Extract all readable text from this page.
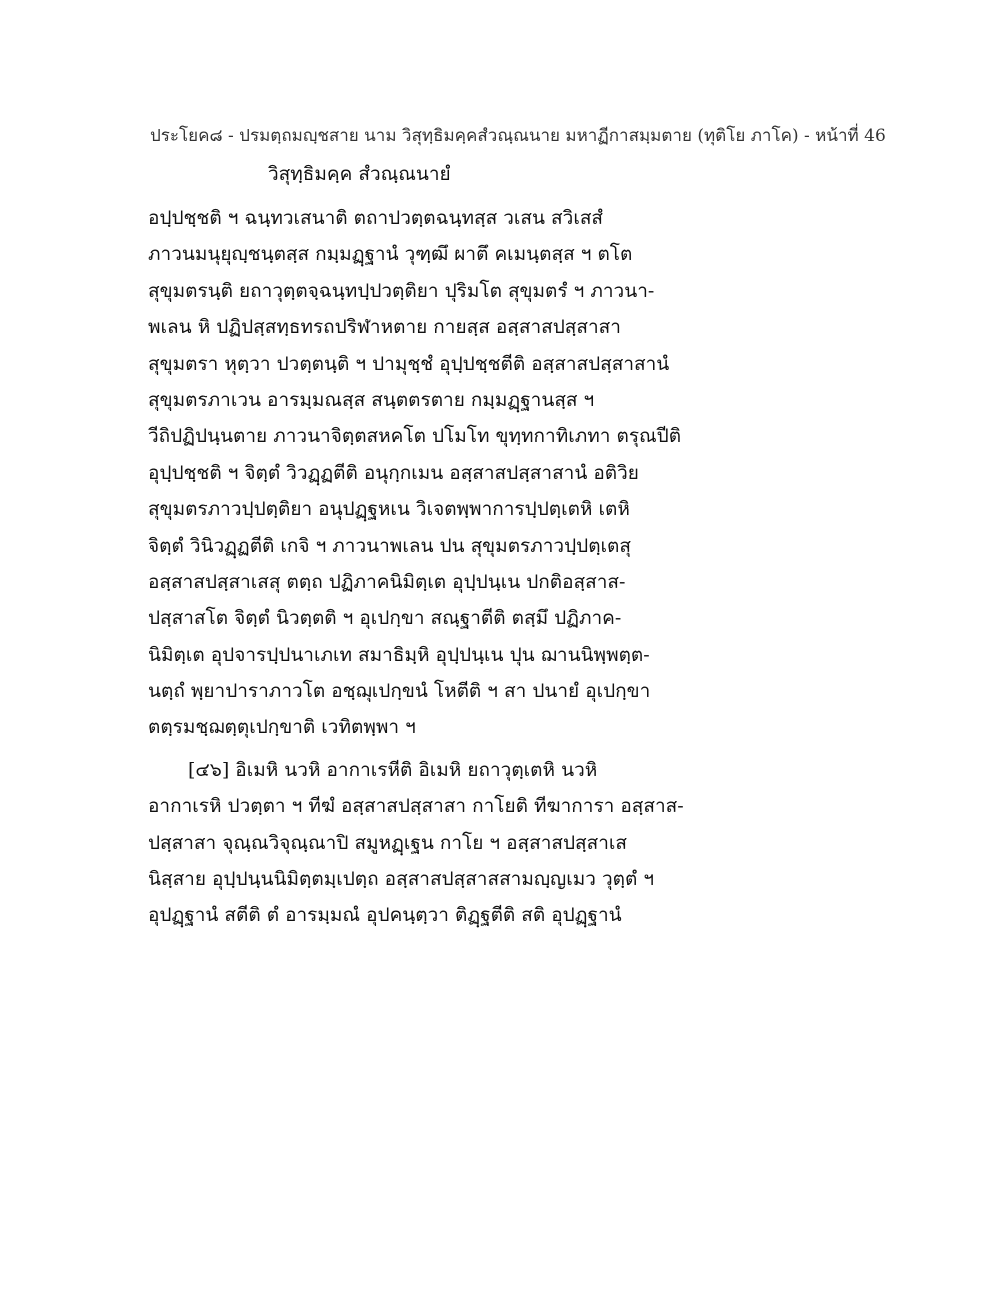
ประโยค๘ - ปรมตฺถมญฺชสาย นาม วิสุทฺธิมคฺคสํวณฺณนาย มหาฏีกาสมฺมตาย (ทุติโย ภาโค) - หน้าที่ 46
วิสุทฺธิมคฺค สํวณฺณนายํ
อปฺปชฺชติ ฯ ฉนฺทวเสนาติ ตถาปวตฺตฉนฺทสฺส วเสน สวิเสสํ
ภาวนมนุยุญฺชนฺตสฺส กมฺมฏฺฐานํ วุฑฺฒึ ผาตึ คเมนฺตสฺส ฯ ตโต
สุขุมตรนฺติ ยถาวุตฺตจฺฉนฺทปฺปวตฺติยา ปุริมโต สุขุมตรํ ฯ ภาวนา-
พเลน หิ ปฏิปสฺสทฺธทรถปริฬาหตาย กายสฺส อสฺสาสปสฺสาสา
สุขุมตรา หุตฺวา ปวตฺตนฺติ ฯ ปามุชฺชํ อุปฺปชฺชตีติ อสฺสาสปสฺสาสานํ
สุขุมตรภาเวน อารมฺมณสฺส สนฺตตรตาย กมฺมฏฺฐานสฺส ฯ
วีถิปฏิปนฺนตาย ภาวนาจิตฺตสหคโต ปโมโท ขุทฺทกาทิเภทา ตรุณปีติ
อุปฺปชฺชติ ฯ จิตฺตํ วิวฏฺฏตีติ อนุกฺกเมน อสฺสาสปสฺสาสานํ อติวิย
สุขุมตรภาวปฺปตฺติยา อนุปฏฺฐหเน วิเจตพฺพาการปฺปตฺเตหิ เตหิ
จิตฺตํ วินิวฏฺฏตีติ เกจิ ฯ ภาวนาพเลน ปน สุขุมตรภาวปฺปตฺเตสุ
อสฺสาสปสฺสาเสสุ ตตฺถ ปฏิภาคนิมิตฺเต อุปฺปนฺเน ปกติอสฺสาส-
ปสฺสาสโต จิตฺตํ นิวตฺตติ ฯ อุเปกฺขา สณฺฐาตีติ ตสฺมึ ปฏิภาค-
นิมิตฺเต อุปจารปฺปนาเภเท สมาธิมฺหิ อุปฺปนฺเน ปุน ฌานนิพฺพตฺต-
นตฺถํ พฺยาปาราภาวโต อชฺฌุเปกฺขนํ โหตีติ ฯ สา ปนายํ อุเปกฺขา
ตตฺรมชฺฌตฺตุเปกฺขาติ เวทิตพฺพา ฯ
[๔๖] อิเมหิ นวหิ อากาเรหีติ อิเมหิ ยถาวุตฺเตหิ นวหิ
อากาเรหิ ปวตฺตา ฯ ทีฆํ อสฺสาสปสฺสาสา กาโยติ ทีฆาการา อสฺสาส-
ปสฺสาสา จุณฺณวิจุณฺณาปิ สมูหฏฺเฐน กาโย ฯ อสฺสาสปสฺสาเส
นิสฺสาย อุปฺปนฺนนิมิตฺตมฺเปตฺถ อสฺสาสปสฺสาสสามญฺญเมว วุตฺตํ ฯ
อุปฏฺฐานํ สตีติ ตํ อารมฺมณํ อุปคนฺตฺวา ติฏฺฐตีติ สติ อุปฏฺฐานํ
